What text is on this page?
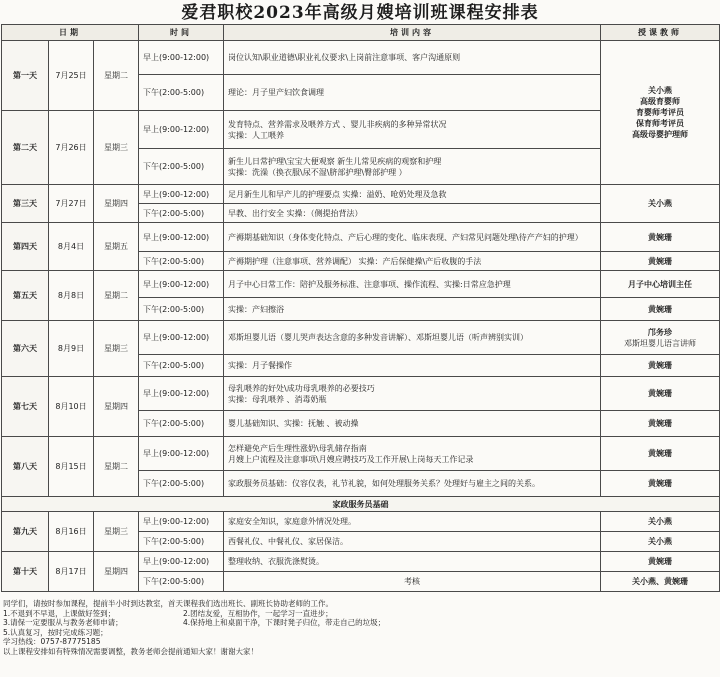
爱君职校2023年高级月嫂培训班课程安排表
日期			时间	培训内容	授课教师
第一天	7月25日	星期二	早上(9:00-12:00)	岗位认知\职业道德\职业礼仪要求\上岗前注意事项、客户沟通原则	关小燕
高级育婴师
育婴师考评员
保育师考评员
高级母婴护理师

			下午(2:00-5:00)	理论：月子里产妇饮食调理	
第二天	7月26日	星期三	早上(9:00-12:00)	发育特点、营养需求及喂养方式 、婴儿非疾病的多种异常状况
实操：人工喂养	

			下午(2:00-5:00)	新生儿日常护理\宝宝大便观察 新生儿常见疾病的观察和护理
实操：洗澡（换衣服\尿不湿\脐部护理\臀部护理 ）	

第三天	7月27日	星期四	早上(9:00-12:00)	足月新生儿和早产儿的护理要点 实操：溢奶、呛奶处理及急救	关小燕
			下午(2:00-5:00)	早教、出行安全 实操：（侧提抬背法）	
第四天	8月4日	星期五	早上(9:00-12:00)	产褥期基础知识（身体变化特点、产后心理的变化、临床表现、产妇常见问题处理\待产产妇的护理）	黄婉珊
			下午(2:00-5:00)	产褥期护理（注意事项、营养调配） 实操：产后保健操\产后收腹的手法	黄婉珊
第五天	8月8日	星期二	早上(9:00-12:00)	月子中心日常工作：陪护及服务标准、注意事项、操作流程、实操:日常应急护理	月子中心培训主任
			下午(2:00-5:00)	实操：产妇擦浴	黄婉珊
第六天	8月9日	星期三	早上(9:00-12:00)	邓斯坦婴儿语（婴儿哭声表达含意的多种发音讲解）、邓斯坦婴儿语（听声辨别实训）	邝务珍
邓斯坦婴儿语言讲师

			下午(2:00-5:00)	实操：月子餐操作	黄婉珊
第七天	8月10日	星期四	早上(9:00-12:00)	母乳喂养的好处\成功母乳喂养的必要技巧
实操：母乳喂养 、消毒奶瓶	黄婉珊
			下午(2:00-5:00)	婴儿基础知识、实操：抚触 、被动操	黄婉珊
第八天	8月15日	星期二	早上(9:00-12:00)	怎样避免产后生理性涨奶\母乳储存指南
月嫂上户流程及注意事项\月嫂应聘技巧及工作开展\上岗每天工作记录	黄婉珊
			下午(2:00-5:00)	家政服务员基础：仪容仪表，礼节礼貌，如何处理服务关系？处理好与雇主之间的关系。	黄婉珊
家政服务员基础					
第九天	8月16日	星期三	早上(9:00-12:00)	家庭安全知识，家庭意外情况处理。	关小燕
			下午(2:00-5:00)	西餐礼仪、中餐礼仪、家居保洁。	关小燕
第十天	8月17日	星期四	早上(9:00-12:00)	整理收纳、衣服洗涤熨烫。	黄婉珊
			下午(2:00-5:00)	考核	关小燕、黄婉珊
同学们，请按时参加课程，提前半小时到达教室，首天课程我们选出班长、副班长协助老师的工作。
1.不退到不早退，上课做好签到；	2.团结友爱，互相协作，一起学习一直进步；
3.请保一定要服从与教务老师申请；	4.保持地上和桌面干净，下课时凳子归位，带走自己的垃圾；
5.认真复习，按时完成练习题；
学习热线：0757-87775185
以上课程安排如有特殊情况需要调整，教务老师会提前通知大家！谢谢大家！
